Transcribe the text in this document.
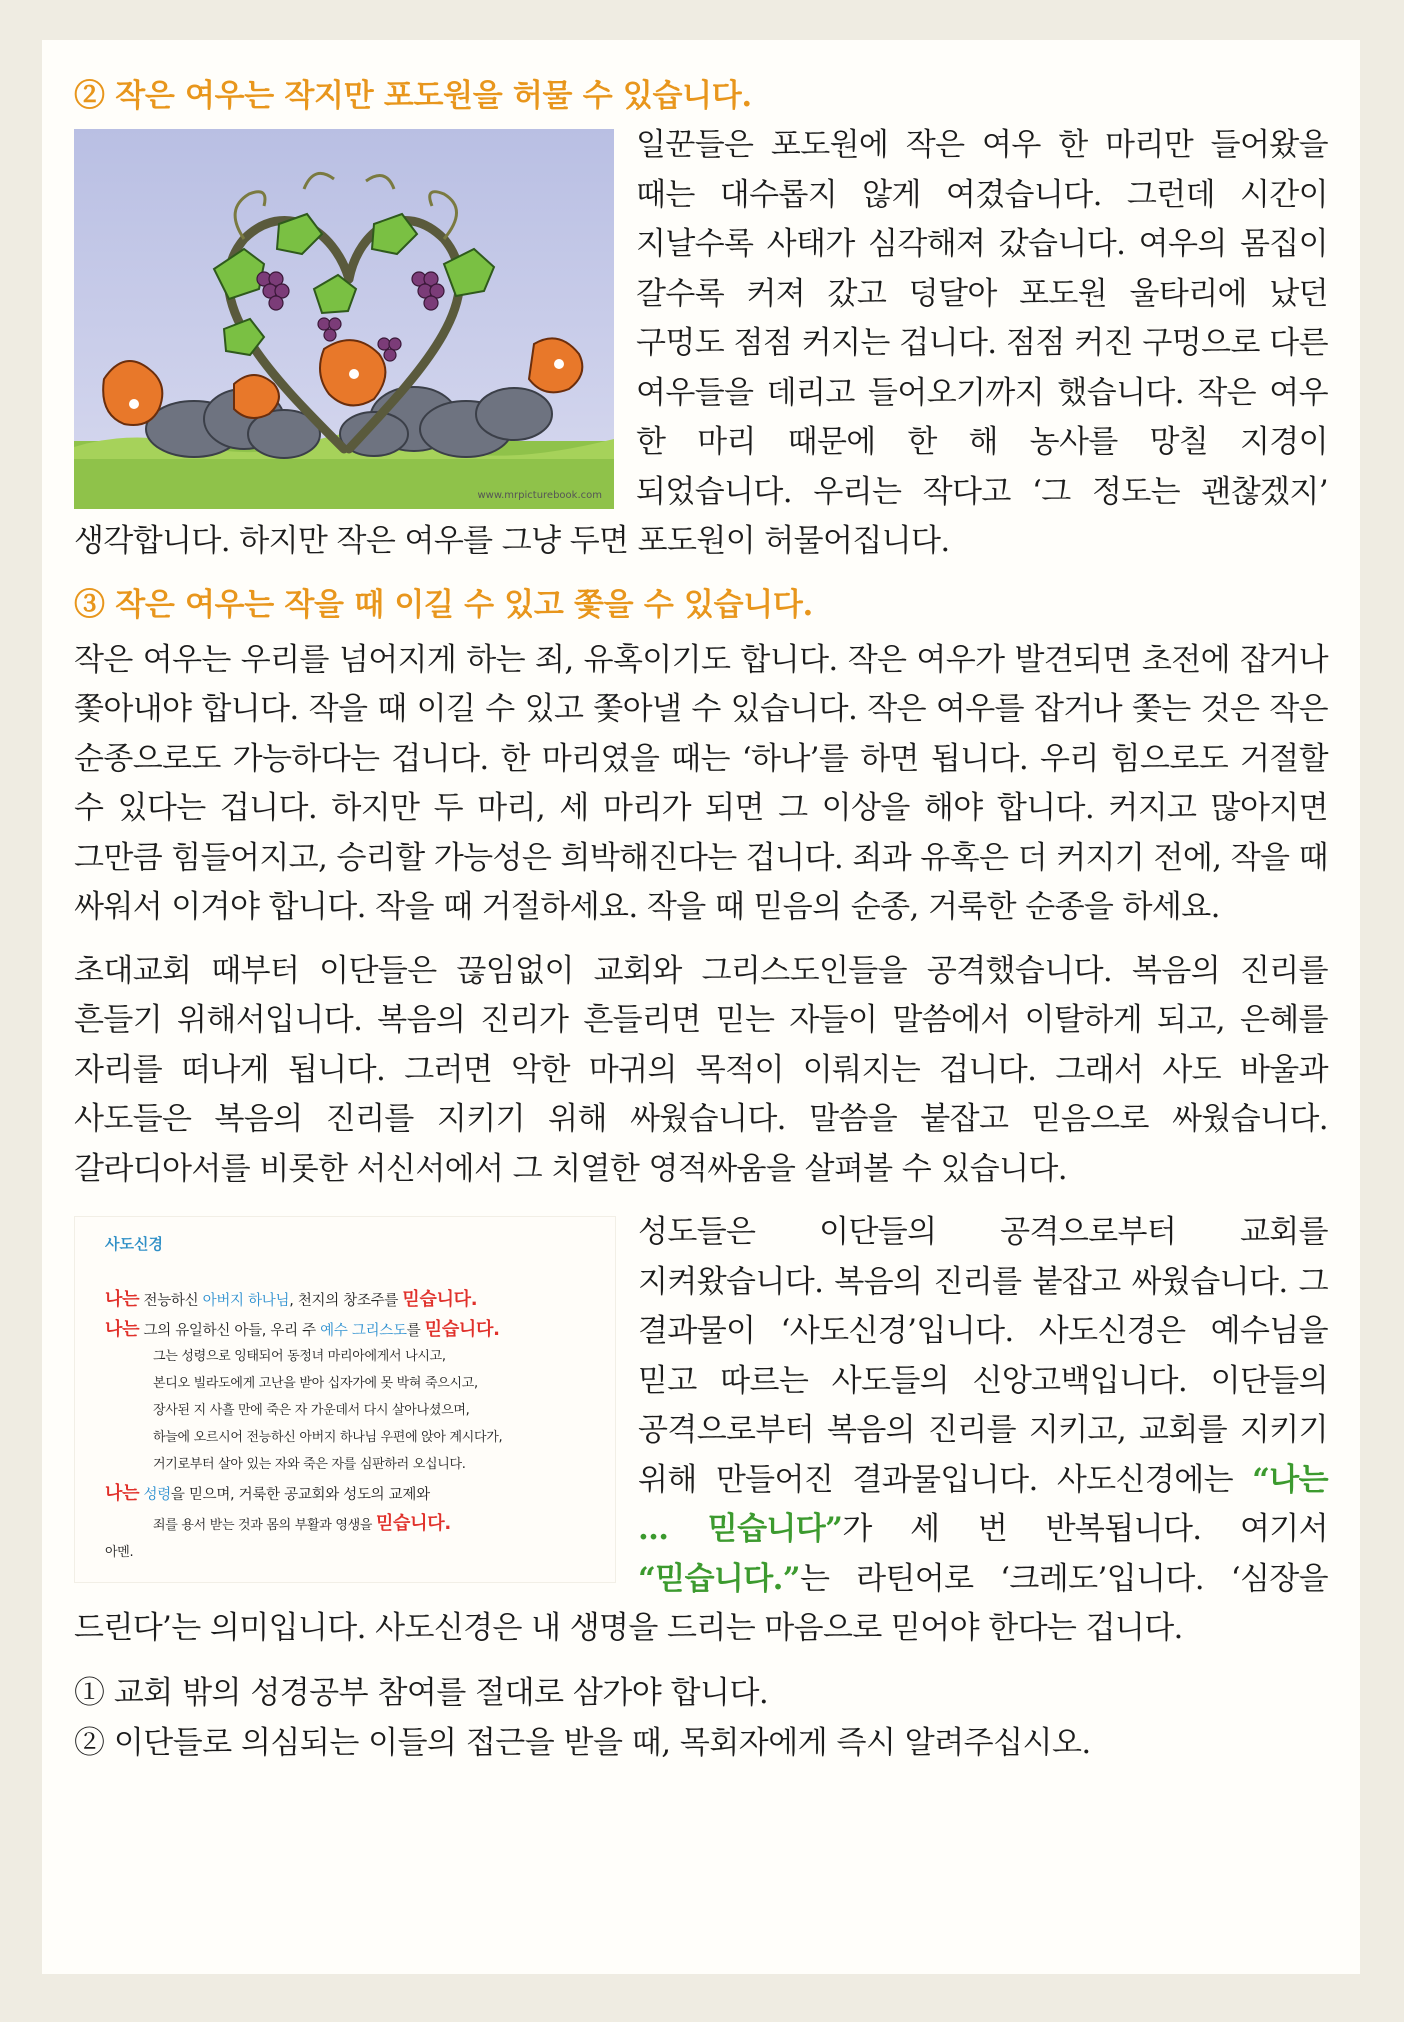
② 작은 여우는 작지만 포도원을 허물 수 있습니다.
www.mrpicturebook.com

일꾼들은 포도원에 작은 여우 한 마리만 들어왔을 때는 대수롭지 않게 여겼습니다. 그런데 시간이 지날수록 사태가 심각해져 갔습니다. 여우의 몸집이 갈수록 커져 갔고 덩달아 포도원 울타리에 났던 구멍도 점점 커지는 겁니다. 점점 커진 구멍으로 다른 여우들을 데리고 들어오기까지 했습니다. 작은 여우 한 마리 때문에 한 해 농사를 망칠 지경이 되었습니다. 우리는 작다고 ‘그 정도는 괜찮겠지’ 생각합니다. 하지만 작은 여우를 그냥 두면 포도원이 허물어집니다.

③ 작은 여우는 작을 때 이길 수 있고 쫓을 수 있습니다.

작은 여우는 우리를 넘어지게 하는 죄, 유혹이기도 합니다. 작은 여우가 발견되면 초전에 잡거나 쫓아내야 합니다. 작을 때 이길 수 있고 쫓아낼 수 있습니다. 작은 여우를 잡거나 쫓는 것은 작은 순종으로도 가능하다는 겁니다. 한 마리였을 때는 ‘하나’를 하면 됩니다. 우리 힘으로도 거절할 수 있다는 겁니다. 하지만 두 마리, 세 마리가 되면 그 이상을 해야 합니다. 커지고 많아지면 그만큼 힘들어지고, 승리할 가능성은 희박해진다는 겁니다. 죄과 유혹은 더 커지기 전에, 작을 때 싸워서 이겨야 합니다. 작을 때 거절하세요. 작을 때 믿음의 순종, 거룩한 순종을 하세요.

초대교회 때부터 이단들은 끊임없이 교회와 그리스도인들을 공격했습니다. 복음의 진리를 흔들기 위해서입니다. 복음의 진리가 흔들리면 믿는 자들이 말씀에서 이탈하게 되고, 은혜를 자리를 떠나게 됩니다. 그러면 악한 마귀의 목적이 이뤄지는 겁니다. 그래서 사도 바울과 사도들은 복음의 진리를 지키기 위해 싸웠습니다. 말씀을 붙잡고 믿음으로 싸웠습니다. 갈라디아서를 비롯한 서신서에서 그 치열한 영적싸움을 살펴볼 수 있습니다.

사도신경
나는 전능하신 아버지 하나님, 천지의 창조주를 믿습니다.
나는 그의 유일하신 아들, 우리 주 예수 그리스도를 믿습니다.
그는 성령으로 잉태되어 동정녀 마리아에게서 나시고,
본디오 빌라도에게 고난을 받아 십자가에 못 박혀 죽으시고,
장사된 지 사흘 만에 죽은 자 가운데서 다시 살아나셨으며,
하늘에 오르시어 전능하신 아버지 하나님 우편에 앉아 계시다가,
거기로부터 살아 있는 자와 죽은 자를 심판하러 오십니다.
나는 성령을 믿으며, 거룩한 공교회와 성도의 교제와
죄를 용서 받는 것과 몸의 부활과 영생을 믿습니다.
아멘.

성도들은 이단들의 공격으로부터 교회를 지켜왔습니다. 복음의 진리를 붙잡고 싸웠습니다. 그 결과물이 ‘사도신경’입니다. 사도신경은 예수님을 믿고 따르는 사도들의 신앙고백입니다. 이단들의 공격으로부터 복음의 진리를 지키고, 교회를 지키기 위해 만들어진 결과물입니다. 사도신경에는 “나는 … 믿습니다”가 세 번 반복됩니다. 여기서 “믿습니다.”는 라틴어로 ‘크레도’입니다. ‘심장을 드린다’는 의미입니다. 사도신경은 내 생명을 드리는 마음으로 믿어야 한다는 겁니다.

① 교회 밖의 성경공부 참여를 절대로 삼가야 합니다.

② 이단들로 의심되는 이들의 접근을 받을 때, 목회자에게 즉시 알려주십시오.
